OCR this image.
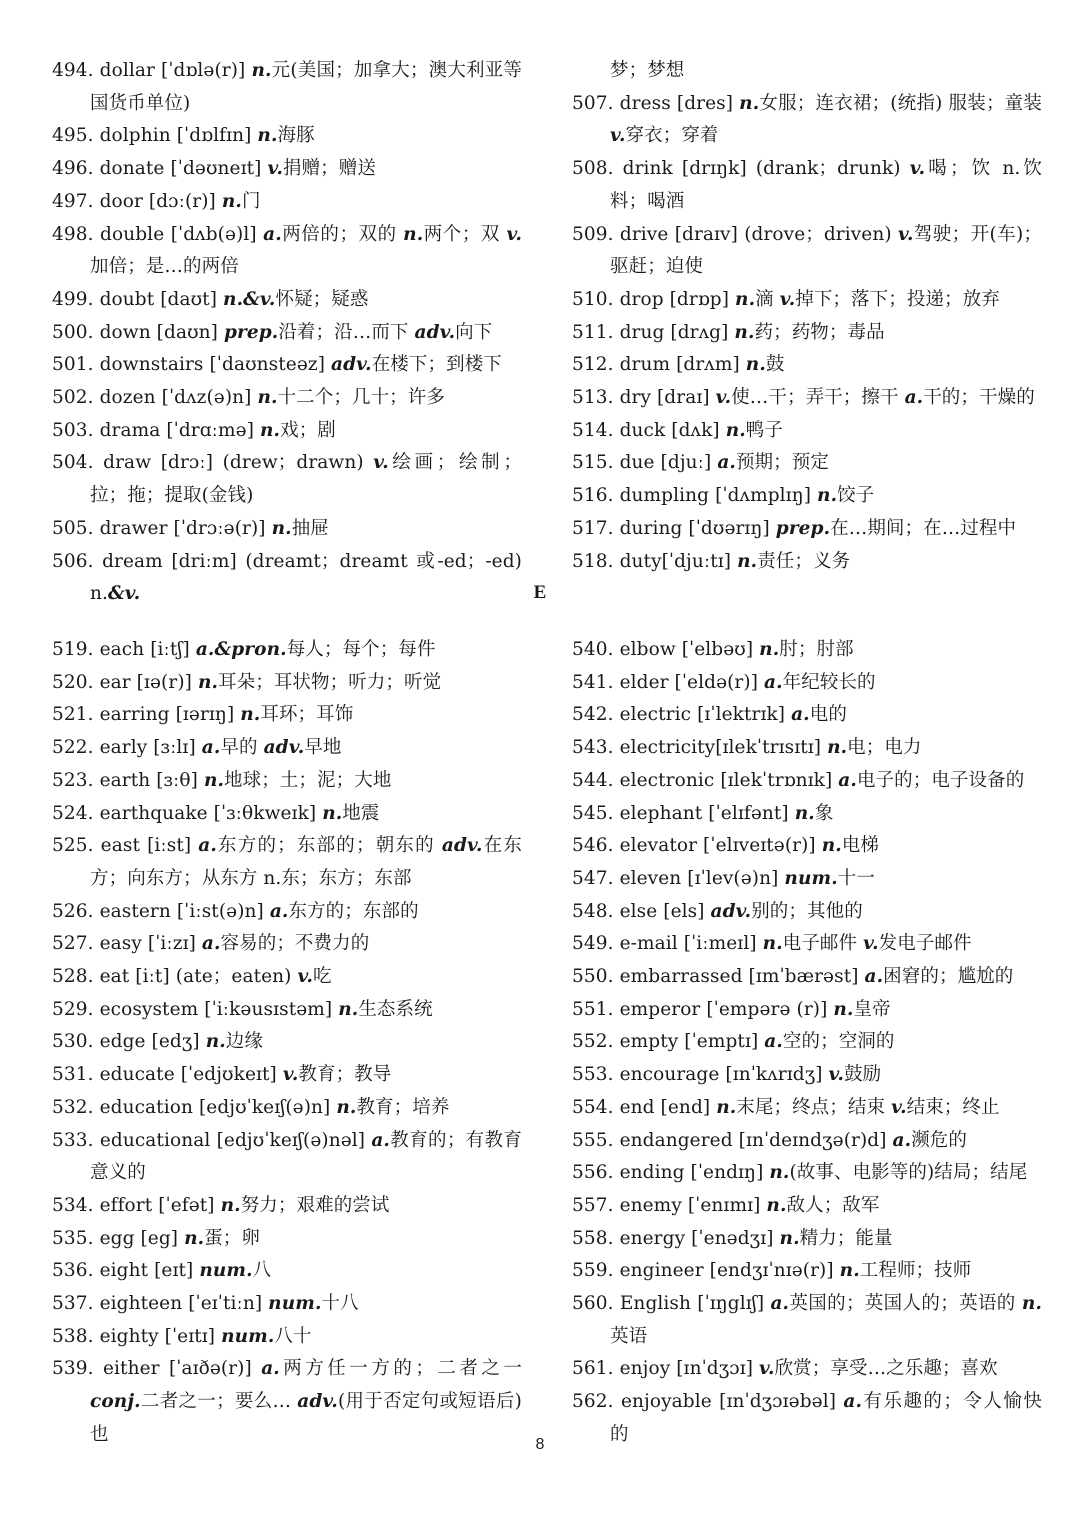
494. dollar [ˈdɒlə(r)] n.元(美国；加拿大；澳大利亚等国货币单位)
495. dolphin [ˈdɒlfɪn] n.海豚
496. donate [ˈdəʊneɪt] v.捐赠；赠送
497. door [dɔː(r)] n.门
498. double [ˈdʌb(ə)l] a.两倍的；双的 n.两个；双 v.加倍；是…的两倍
499. doubt [daʊt] n.&v.怀疑；疑惑
500. down [daʊn] prep.沿着；沿…而下 adv.向下
501. downstairs [ˈdaʊnsteəz] adv.在楼下；到楼下
502. dozen [ˈdʌz(ə)n] n.十二个；几十；许多
503. drama [ˈdrɑːmə] n.戏；剧
504. draw [drɔː] (drew；drawn) v.绘画；绘制；拉；拖；提取(金钱)
505. drawer [ˈdrɔːə(r)] n.抽屉
506. dream [driːm] (dreamt；dreamt 或-ed；-ed) n.&v.
梦；梦想
507. dress [dres] n.女服；连衣裙；(统指) 服装；童装 v.穿衣；穿着
508. drink [drɪŋk] (drank；drunk) v.喝；饮 n.饮料；喝酒
509. drive [draɪv] (drove；driven) v.驾驶；开(车)；驱赶；迫使
510. drop [drɒp] n.滴 v.掉下；落下；投递；放弃
511. drug [drʌg] n.药；药物；毒品
512. drum [drʌm] n.鼓
513. dry [draɪ] v.使…干；弄干；擦干 a.干的；干燥的
514. duck [dʌk] n.鸭子
515. due [djuː] a.预期；预定
516. dumpling [ˈdʌmplɪŋ] n.饺子
517. during [ˈdʊərɪŋ] prep.在…期间；在…过程中
518. duty[ˈdjuːtɪ] n.责任；义务
E
519. each [iːtʃ] a.&pron.每人；每个；每件
520. ear [ɪə(r)] n.耳朵；耳状物；听力；听觉
521. earring [ɪərɪŋ] n.耳环；耳饰
522. early [ɜːlɪ] a.早的 adv.早地
523. earth [ɜːθ] n.地球；土；泥；大地
524. earthquake [ˈɜːθkweɪk] n.地震
525. east [iːst] a.东方的；东部的；朝东的 adv.在东方；向东方；从东方 n.东；东方；东部
526. eastern [ˈiːst(ə)n] a.东方的；东部的
527. easy [ˈiːzɪ] a.容易的；不费力的
528. eat [iːt] (ate；eaten) v.吃
529. ecosystem [ˈiːkəusɪstəm] n.生态系统
530. edge [edʒ] n.边缘
531. educate [ˈedjʊkeɪt] v.教育；教导
532. education [edjʊˈkeɪʃ(ə)n] n.教育；培养
533. educational [edjʊˈkeɪʃ(ə)nəl] a.教育的；有教育意义的
534. effort [ˈefət] n.努力；艰难的尝试
535. egg [eg] n.蛋；卵
536. eight [eɪt] num.八
537. eighteen [ˈeɪˈtiːn] num.十八
538. eighty [ˈeɪtɪ] num.八十
539. either [ˈaɪðə(r)] a.两方任一方的；二者之一 conj.二者之一；要么… adv.(用于否定句或短语后)也
540. elbow [ˈelbəʊ] n.肘；肘部
541. elder [ˈeldə(r)] a.年纪较长的
542. electric [ɪˈlektrɪk] a.电的
543. electricity[ɪlekˈtrɪsɪtɪ] n.电；电力
544. electronic [ɪlekˈtrɒnɪk] a.电子的；电子设备的
545. elephant [ˈelɪfənt] n.象
546. elevator [ˈelɪveɪtə(r)] n.电梯
547. eleven [ɪˈlev(ə)n] num.十一
548. else [els] adv.别的；其他的
549. e-mail [ˈiːmeɪl] n.电子邮件 v.发电子邮件
550. embarrassed [ɪmˈbærəst] a.困窘的；尴尬的
551. emperor [ˈempərə (r)] n.皇帝
552. empty [ˈemptɪ] a.空的；空洞的
553. encourage [ɪnˈkʌrɪdʒ] v.鼓励
554. end [end] n.末尾；终点；结束 v.结束；终止
555. endangered [ɪnˈdeɪndʒə(r)d] a.濒危的
556. ending [ˈendɪŋ] n.(故事、电影等的)结局；结尾
557. enemy [ˈenɪmɪ] n.敌人；敌军
558. energy [ˈenədʒɪ] n.精力；能量
559. engineer [endʒɪˈnɪə(r)] n.工程师；技师
560. English [ˈɪŋglɪʃ] a.英国的；英国人的；英语的 n.英语
561. enjoy [ɪnˈdʒɔɪ] v.欣赏；享受…之乐趣；喜欢
562. enjoyable [ɪnˈdʒɔɪəbəl] a.有乐趣的；令人愉快的
8
